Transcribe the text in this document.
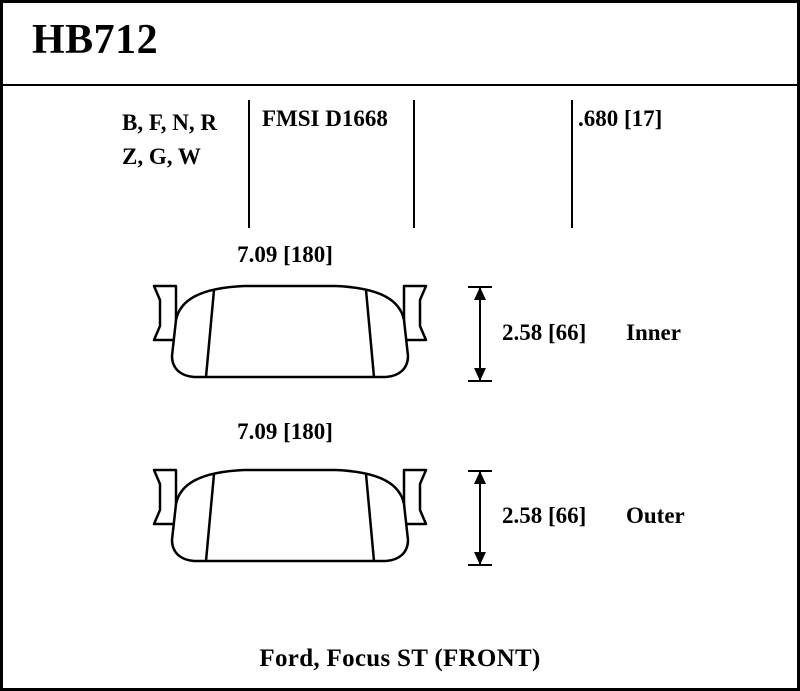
HB712
B, F, N, R
Z, G, W
FMSI D1668	.680 [17]
7.09 [180]
2.58 [66] Inner
7.09 [180]
2.58 [66] Outer
Ford, Focus ST (FRONT)
